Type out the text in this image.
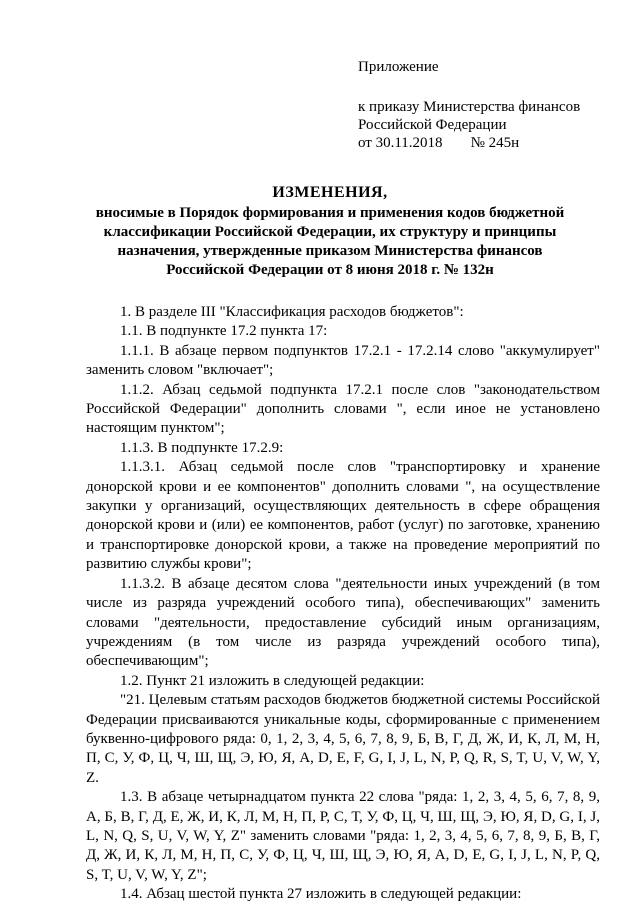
Приложение
к приказу Министерства финансов
Российской Федерации
от 30.11.2018 № 245н
ИЗМЕНЕНИЯ,
вносимые в Порядок формирования и применения кодов бюджетной классификации Российской Федерации, их структуру и принципы назначения, утвержденные приказом Министерства финансов Российской Федерации от 8 июня 2018 г. № 132н

1. В разделе III "Классификация расходов бюджетов":

1.1. В подпункте 17.2 пункта 17:

1.1.1. В абзаце первом подпунктов 17.2.1 - 17.2.14 слово "аккумулирует" заменить словом "включает";

1.1.2. Абзац седьмой подпункта 17.2.1 после слов "законодательством Российской Федерации" дополнить словами ", если иное не установлено настоящим пунктом";

1.1.3. В подпункте 17.2.9:

1.1.3.1. Абзац седьмой после слов "транспортировку и хранение донорской крови и ее компонентов" дополнить словами ", на осуществление закупки у организаций, осуществляющих деятельность в сфере обращения донорской крови и (или) ее компонентов, работ (услуг) по заготовке, хранению и транспортировке донорской крови, а также на проведение мероприятий по развитию службы крови";

1.1.3.2. В абзаце десятом слова "деятельности иных учреждений (в том числе из разряда учреждений особого типа), обеспечивающих" заменить словами "деятельности, предоставление субсидий иным организациям, учреждениям (в том числе из разряда учреждений особого типа), обеспечивающим";

1.2. Пункт 21 изложить в следующей редакции:

"21. Целевым статьям расходов бюджетов бюджетной системы Российской Федерации присваиваются уникальные коды, сформированные с применением буквенно-цифрового ряда: 0, 1, 2, 3, 4, 5, 6, 7, 8, 9, Б, В, Г, Д, Ж, И, К, Л, М, Н, П, С, У, Ф, Ц, Ч, Ш, Щ, Э, Ю, Я, A, D, E, F, G, I, J, L, N, P, Q, R, S, T, U, V, W, Y, Z.

1.3. В абзаце четырнадцатом пункта 22 слова "ряда: 1, 2, 3, 4, 5, 6, 7, 8, 9, А, Б, В, Г, Д, Е, Ж, И, К, Л, М, Н, П, Р, С, Т, У, Ф, Ц, Ч, Ш, Щ, Э, Ю, Я, D, G, I, J, L, N, Q, S, U, V, W, Y, Z" заменить словами "ряда: 1, 2, 3, 4, 5, 6, 7, 8, 9, Б, В, Г, Д, Ж, И, К, Л, М, Н, П, С, У, Ф, Ц, Ч, Ш, Щ, Э, Ю, Я, A, D, E, G, I, J, L, N, P, Q, S, T, U, V, W, Y, Z";

1.4. Абзац шестой пункта 27 изложить в следующей редакции:
